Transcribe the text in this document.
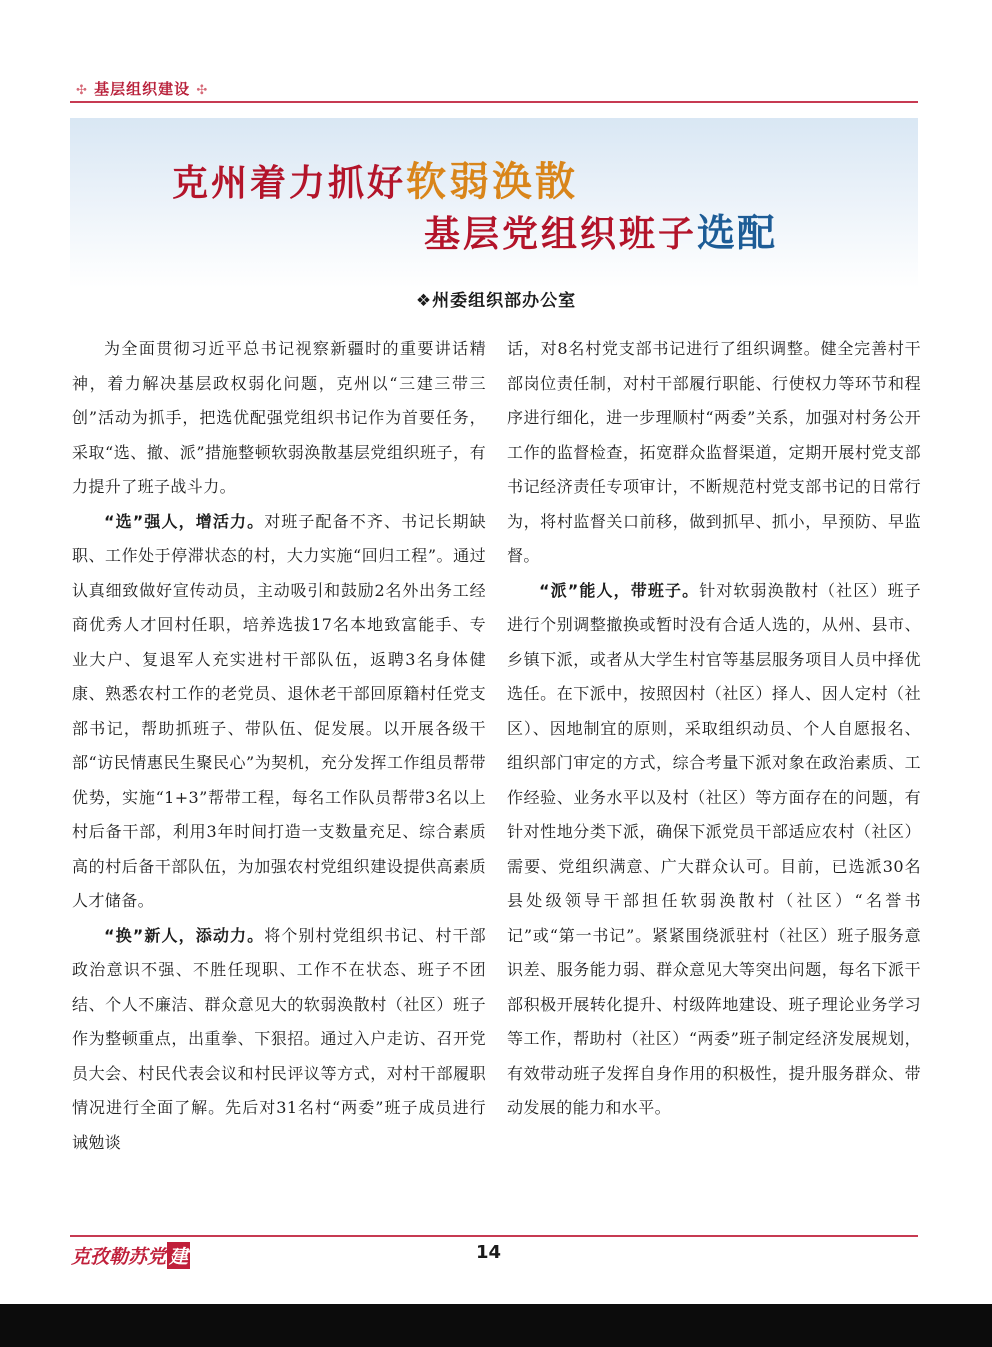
✣ 基层组织建设 ✣
克州着力抓好软弱涣散
基层党组织班子选配
❖州委组织部办公室

为全面贯彻习近平总书记视察新疆时的重要讲话精神，着力解决基层政权弱化问题，克州以“三建三带三创”活动为抓手，把选优配强党组织书记作为首要任务，采取“选、撤、派”措施整顿软弱涣散基层党组织班子，有力提升了班子战斗力。

“选”强人，增活力。对班子配备不齐、书记长期缺职、工作处于停滞状态的村，大力实施“回归工程”。通过认真细致做好宣传动员，主动吸引和鼓励2名外出务工经商优秀人才回村任职，培养选拔17名本地致富能手、专业大户、复退军人充实进村干部队伍，返聘3名身体健康、熟悉农村工作的老党员、退休老干部回原籍村任党支部书记，帮助抓班子、带队伍、促发展。以开展各级干部“访民情惠民生聚民心”为契机，充分发挥工作组员帮带优势，实施“1+3”帮带工程，每名工作队员帮带3名以上村后备干部，利用3年时间打造一支数量充足、综合素质高的村后备干部队伍，为加强农村党组织建设提供高素质人才储备。

“换”新人，添动力。将个别村党组织书记、村干部政治意识不强、不胜任现职、工作不在状态、班子不团结、个人不廉洁、群众意见大的软弱涣散村（社区）班子作为整顿重点，出重拳、下狠招。通过入户走访、召开党员大会、村民代表会议和村民评议等方式，对村干部履职情况进行全面了解。先后对31名村“两委”班子成员进行诫勉谈

话，对8名村党支部书记进行了组织调整。健全完善村干部岗位责任制，对村干部履行职能、行使权力等环节和程序进行细化，进一步理顺村“两委”关系，加强对村务公开工作的监督检查，拓宽群众监督渠道，定期开展村党支部书记经济责任专项审计，不断规范村党支部书记的日常行为，将村监督关口前移，做到抓早、抓小，早预防、早监督。

“派”能人，带班子。针对软弱涣散村（社区）班子进行个别调整撤换或暂时没有合适人选的，从州、县市、乡镇下派，或者从大学生村官等基层服务项目人员中择优选任。在下派中，按照因村（社区）择人、因人定村（社区）、因地制宜的原则，采取组织动员、个人自愿报名、组织部门审定的方式，综合考量下派对象在政治素质、工作经验、业务水平以及村（社区）等方面存在的问题，有针对性地分类下派，确保下派党员干部适应农村（社区）需要、党组织满意、广大群众认可。目前，已选派30名县处级领导干部担任软弱涣散村（社区）“名誉书记”或“第一书记”。紧紧围绕派驻村（社区）班子服务意识差、服务能力弱、群众意见大等突出问题，每名下派干部积极开展转化提升、村级阵地建设、班子理论业务学习等工作，帮助村（社区）“两委”班子制定经济发展规划，有效带动班子发挥自身作用的积极性，提升服务群众、带动发展的能力和水平。

克孜勒苏党 建	14
